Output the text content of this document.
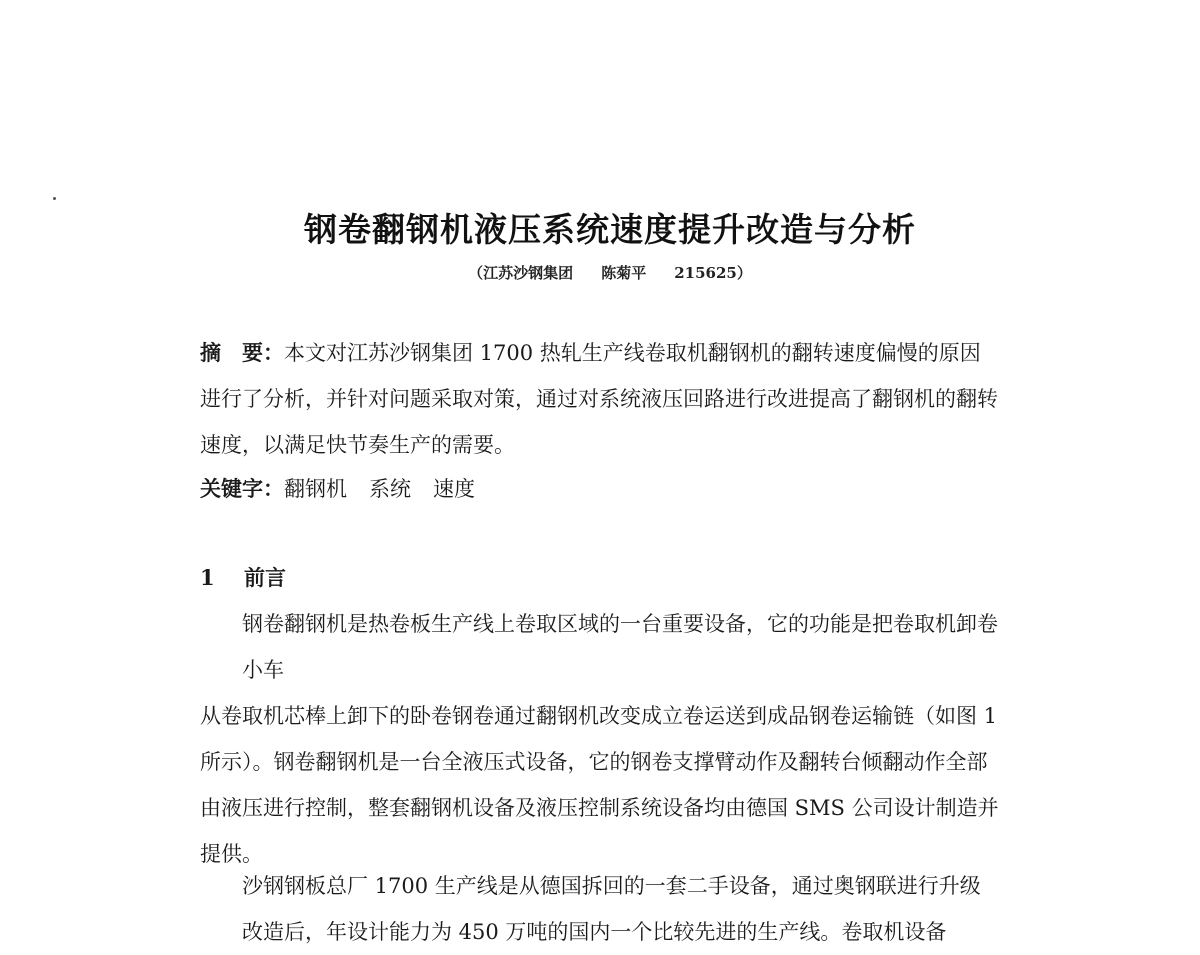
钢卷翻钢机液压系统速度提升改造与分析
（江苏沙钢集团 陈菊平 215625）
摘　要：本文对江苏沙钢集团 1700 热轧生产线卷取机翻钢机的翻转速度偏慢的原因进行了分析，并针对问题采取对策，通过对系统液压回路进行改进提高了翻钢机的翻转速度，以满足快节奏生产的需要。
关键字：翻钢机 系统 速度
1 前言
钢卷翻钢机是热卷板生产线上卷取区域的一台重要设备，它的功能是把卷取机卸卷小车
从卷取机芯棒上卸下的卧卷钢卷通过翻钢机改变成立卷运送到成品钢卷运输链（如图 1 所示）。钢卷翻钢机是一台全液压式设备，它的钢卷支撑臂动作及翻转台倾翻动作全部由液压进行控制，整套翻钢机设备及液压控制系统设备均由德国 SMS 公司设计制造并提供。
沙钢钢板总厂 1700 生产线是从德国拆回的一套二手设备，通过奥钢联进行升级改造后，年设计能力为 450 万吨的国内一个比较先进的生产线。卷取机设备
